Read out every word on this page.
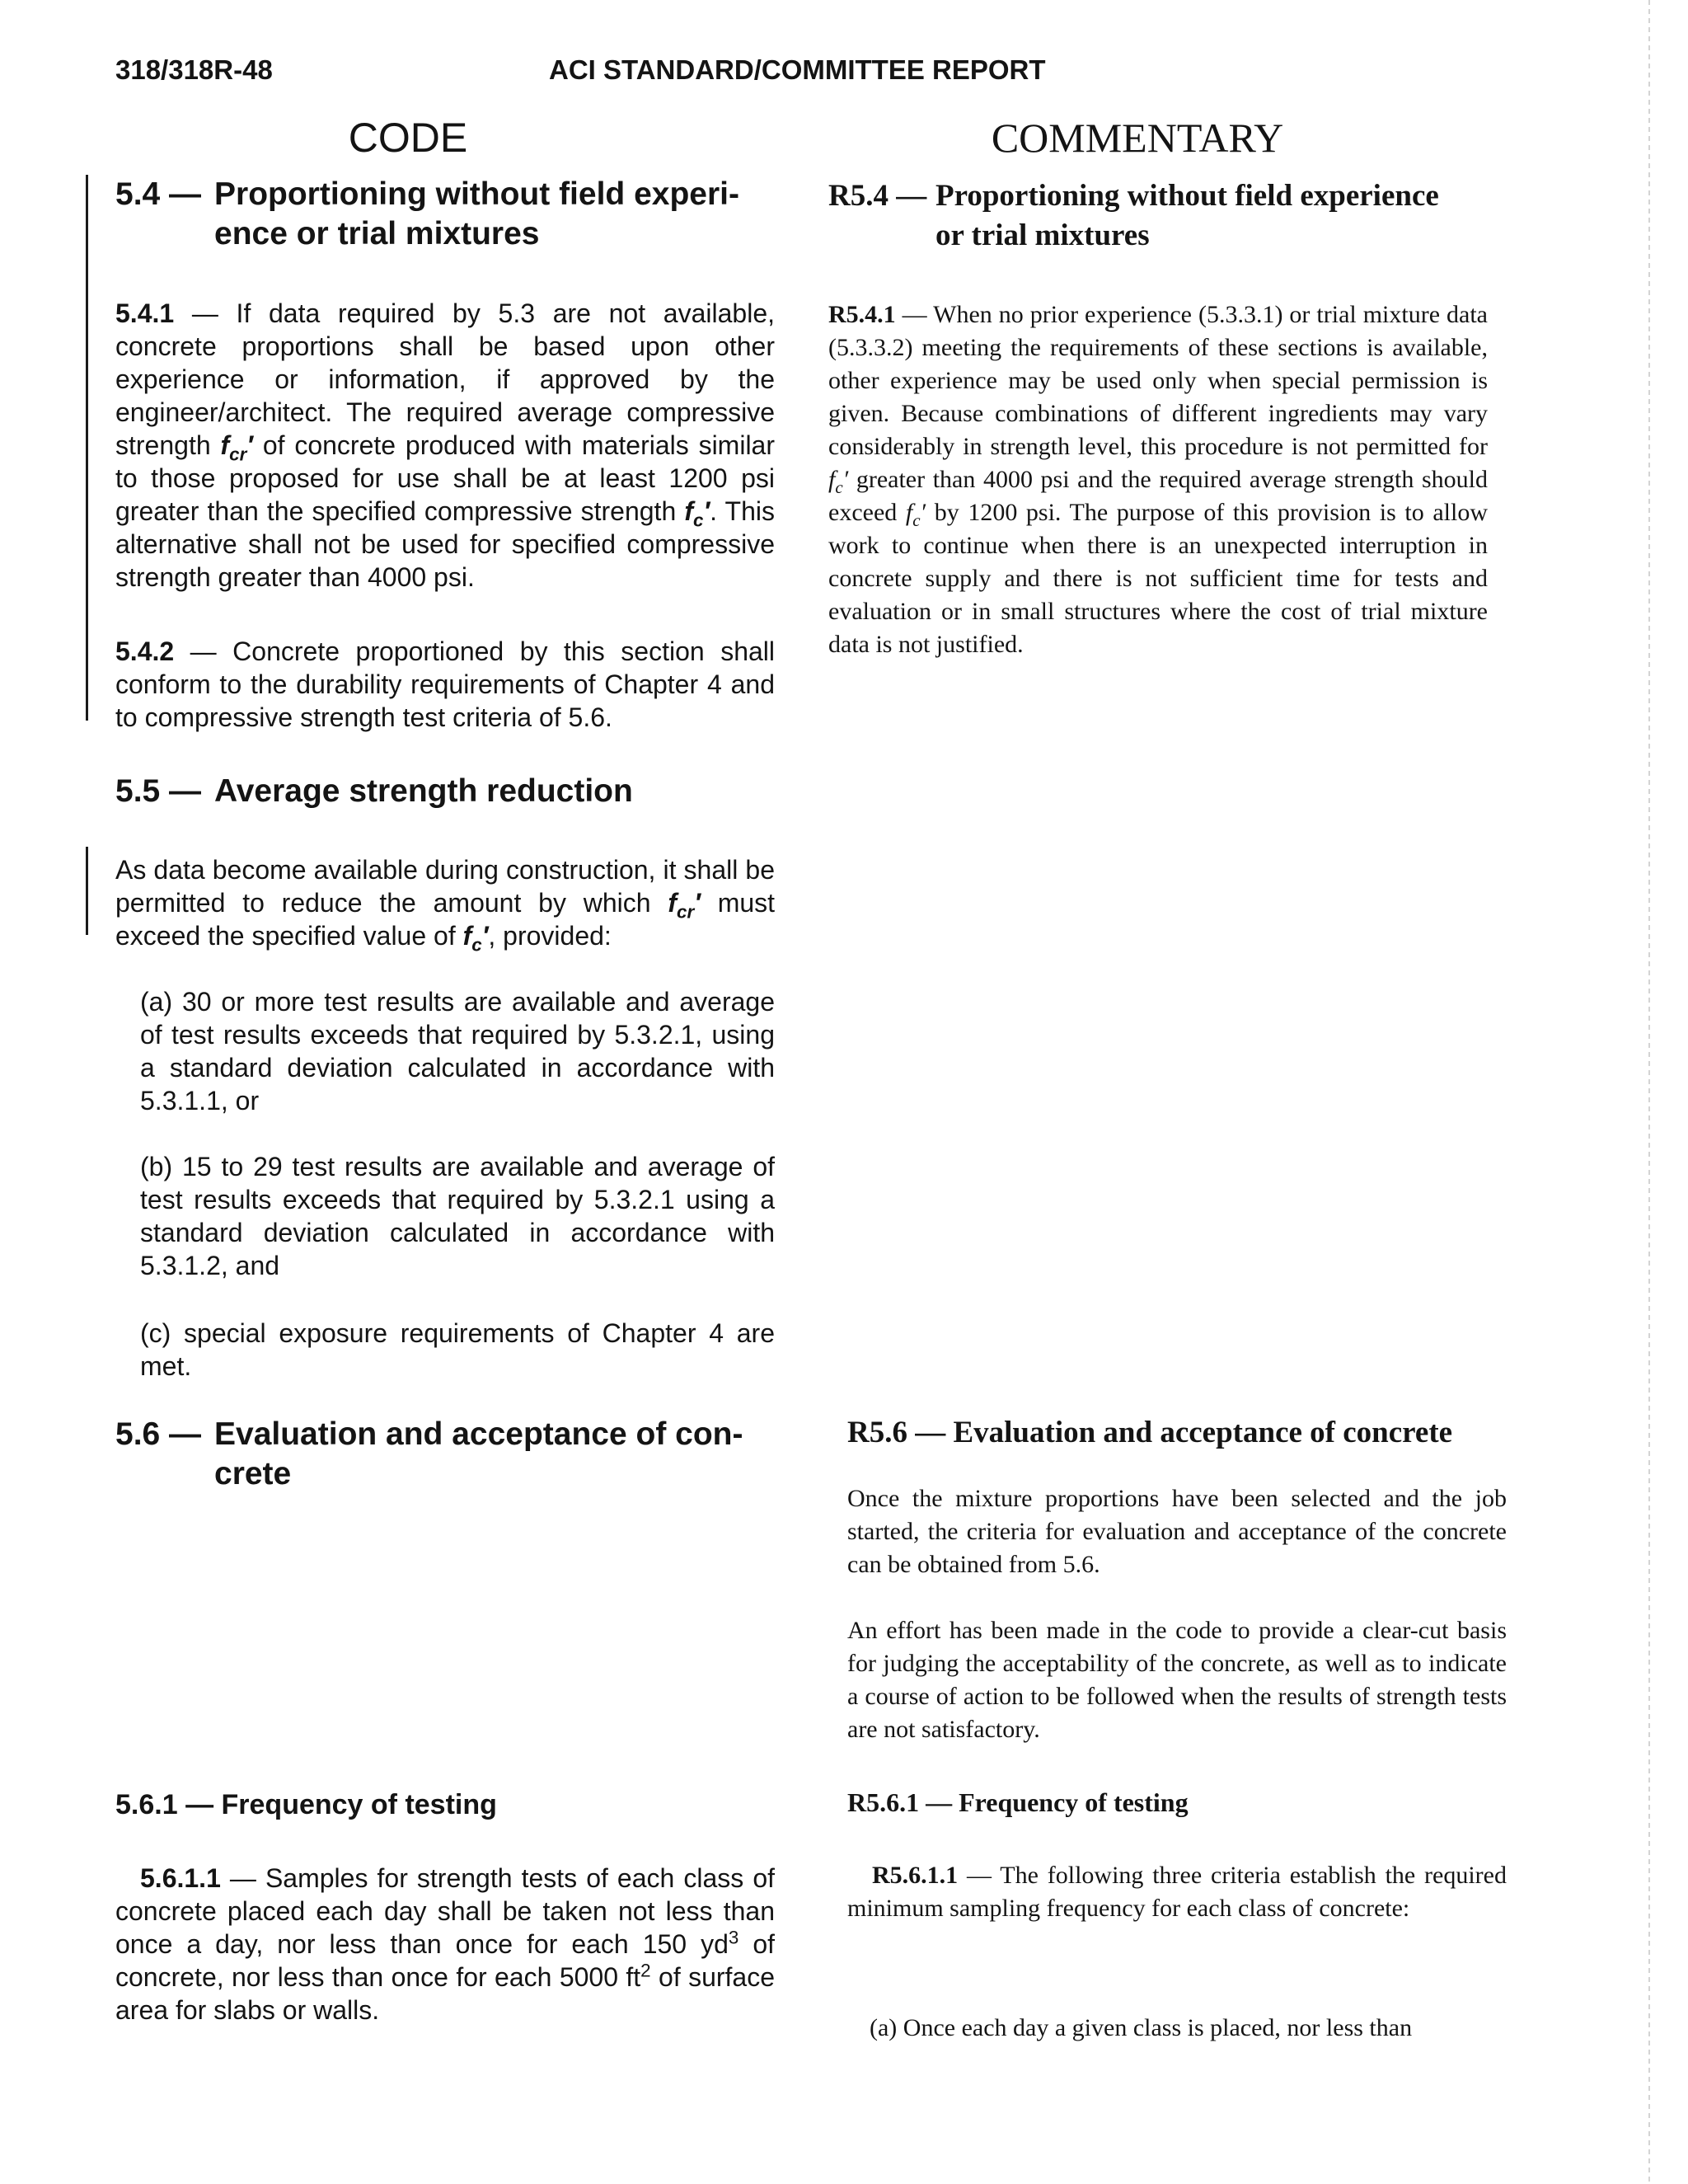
318/318R-48	ACI STANDARD/COMMITTEE REPORT
CODE	COMMENTARY
5.4 — Proportioning without field experi-
ence or trial mixtures
5.4.1 — If data required by 5.3 are not available, concrete proportions shall be based upon other experience or information, if approved by the engineer/architect. The required average compressive strength $f_{cr}'$ of concrete produced with materials similar to those proposed for use shall be at least 1200 psi greater than the specified compressive strength $f_c'$. This alternative shall not be used for specified compressive strength greater than 4000 psi.
5.4.2 — Concrete proportioned by this section shall conform to the durability requirements of Chapter 4 and to compressive strength test criteria of 5.6.
5.5 — Average strength reduction
As data become available during construction, it shall be permitted to reduce the amount by which $f_{cr}'$ must exceed the specified value of $f_c'$, provided:
(a) 30 or more test results are available and average of test results exceeds that required by 5.3.2.1, using a standard deviation calculated in accordance with 5.3.1.1, or
(b) 15 to 29 test results are available and average of test results exceeds that required by 5.3.2.1 using a standard deviation calculated in accordance with 5.3.1.2, and
(c) special exposure requirements of Chapter 4 are met.
5.6 — Evaluation and acceptance of con-
crete
5.6.1 — Frequency of testing
5.6.1.1 — Samples for strength tests of each class of concrete placed each day shall be taken not less than once a day, nor less than once for each 150 $yd^3$ of concrete, nor less than once for each 5000 $ft^2$ of surface area for slabs or walls.
R5.4 — Proportioning without field experience
or trial mixtures
R5.4.1 — When no prior experience (5.3.3.1) or trial mixture data (5.3.3.2) meeting the requirements of these sections is available, other experience may be used only when special permission is given. Because combinations of different ingredients may vary considerably in strength level, this procedure is not permitted for $f_c'$ greater than 4000 psi and the required average strength should exceed $f_c'$ by 1200 psi. The purpose of this provision is to allow work to continue when there is an unexpected interruption in concrete supply and there is not sufficient time for tests and evaluation or in small structures where the cost of trial mixture data is not justified.
R5.6 — Evaluation and acceptance of concrete
Once the mixture proportions have been selected and the job started, the criteria for evaluation and acceptance of the concrete can be obtained from 5.6.
An effort has been made in the code to provide a clear-cut basis for judging the acceptability of the concrete, as well as to indicate a course of action to be followed when the results of strength tests are not satisfactory.
R5.6.1 — Frequency of testing
R5.6.1.1 — The following three criteria establish the required minimum sampling frequency for each class of concrete:
(a) Once each day a given class is placed, nor less than
